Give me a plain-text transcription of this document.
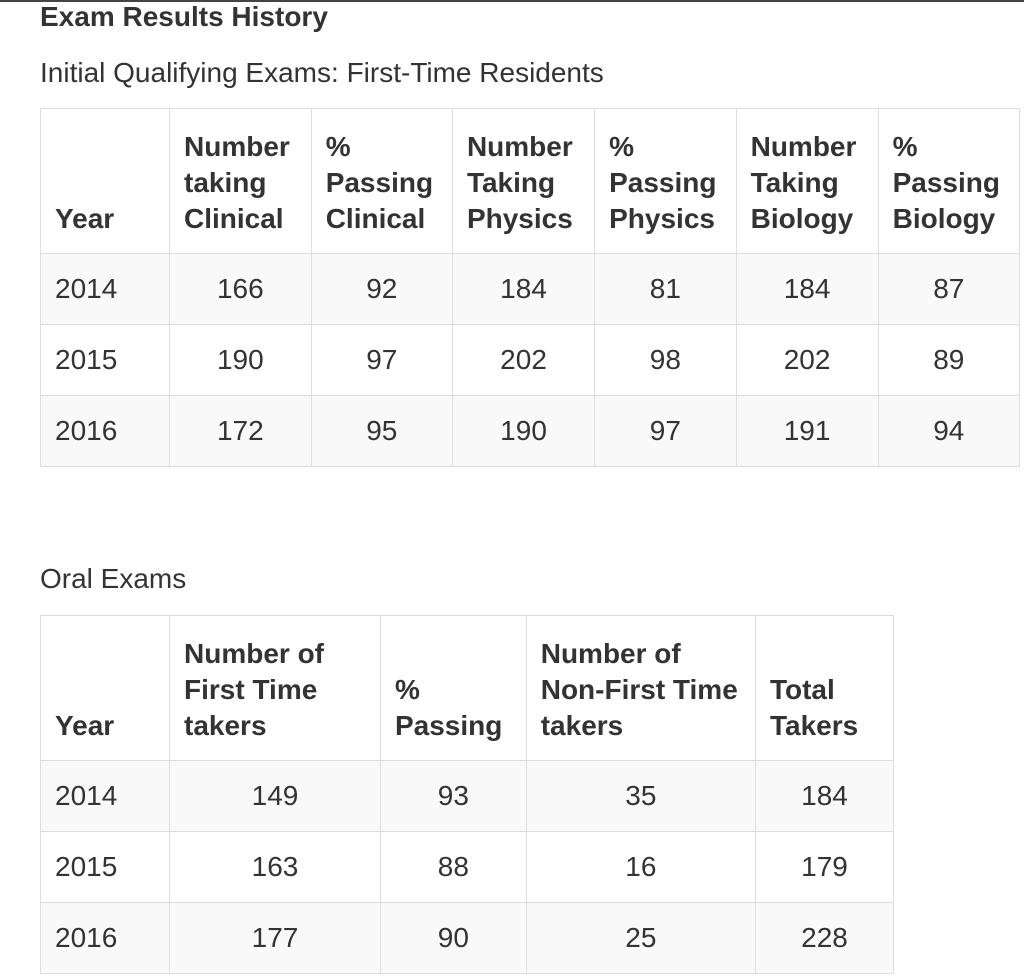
Exam Results History
Initial Qualifying Exams: First-Time Residents
Year	Number taking Clinical	% Passing Clinical	Number Taking Physics	% Passing Physics	Number Taking Biology	% Passing Biology
2014	166	92	184	81	184	87
2015	190	97	202	98	202	89
2016	172	95	190	97	191	94
Oral Exams
Year	Number of First Time takers	% Passing	Number of Non-First Time takers	Total Takers
2014	149	93	35	184
2015	163	88	16	179
2016	177	90	25	228
